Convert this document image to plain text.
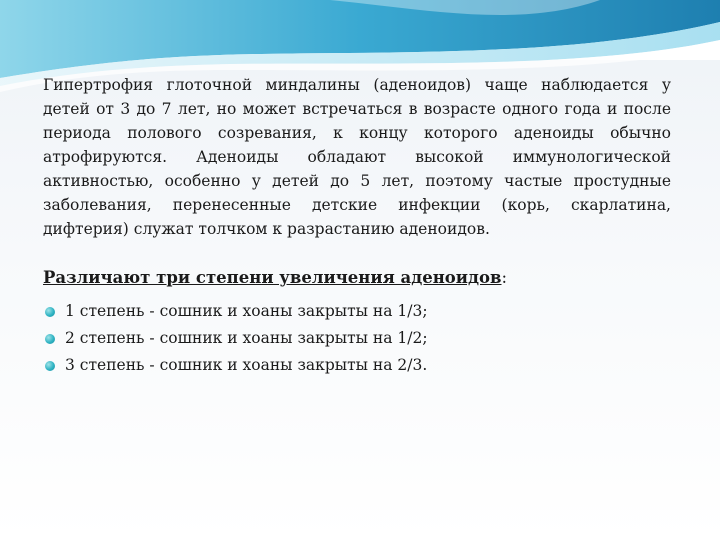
Гипертрофия глоточной миндалины (аденоидов) чаще наблюдается у детей от 3 до 7 лет, но может встречаться в возрасте одного года и после периода полового созревания, к концу которого аденоиды обычно атрофируются. Аденоиды обладают высокой иммунологической активностью, особенно у детей до 5 лет, поэтому частые простудные заболевания, перенесенные детские инфекции (корь, скарлатина, дифтерия) служат толчком к разрастанию аденоидов.

Различают три степени увеличения аденоидов:

1 степень - сошник и хоаны закрыты на 1/3;
2 степень - сошник и хоаны закрыты на 1/2;
3 степень - сошник и хоаны закрыты на 2/3.
